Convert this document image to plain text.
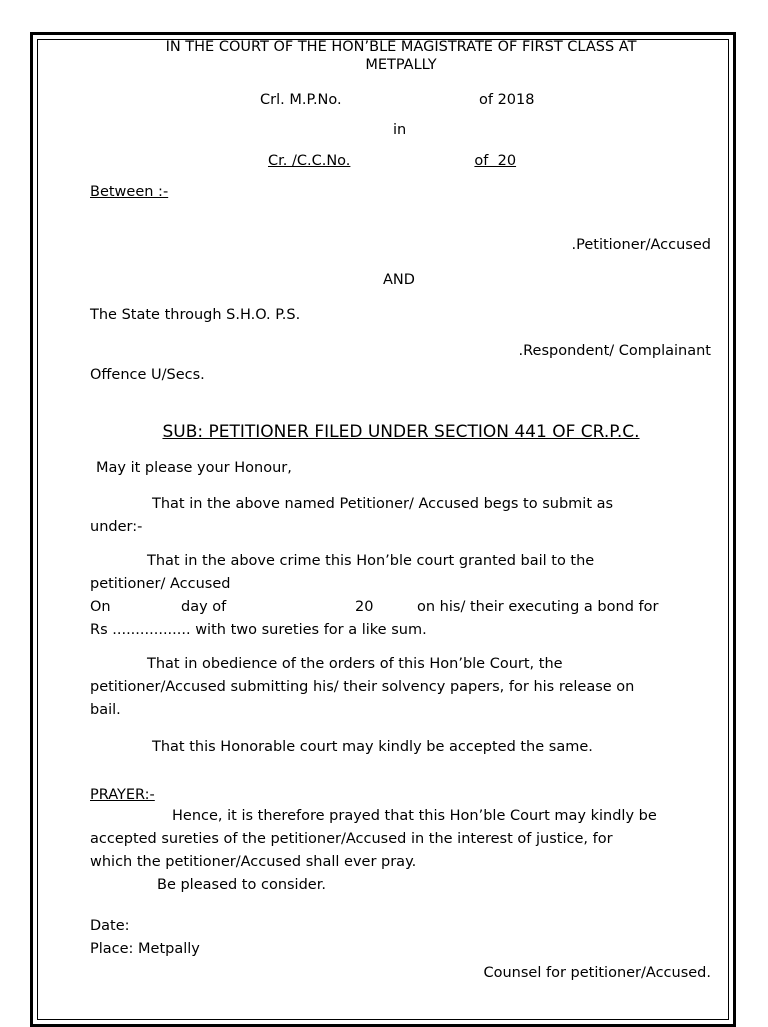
IN THE COURT OF THE HON’BLE MAGISTRATE OF FIRST CLASS AT
METPALLY
Crl. M.P.No.	of 2018
in
Cr. /C.C.No.	of  20
Between :-
.Petitioner/Accused
AND
The State through S.H.O. P.S.
.Respondent/ Complainant
Offence U/Secs.
SUB: PETITIONER FILED UNDER SECTION 441 OF CR.P.C.
May it please your Honour,
That in the above named Petitioner/ Accused begs to submit as
under:-
That in the above crime this Hon’ble court granted bail to the
petitioner/ Accused
On	day of	20	on his/ their executing a bond for
Rs ................. with two sureties for a like sum.
That in obedience of the orders of this Hon’ble Court, the
petitioner/Accused submitting his/ their solvency papers, for his release on
bail.
That this Honorable court may kindly be accepted the same.
PRAYER:-
Hence, it is therefore prayed that this Hon’ble Court may kindly be
accepted sureties of the petitioner/Accused in the interest of justice, for
which the petitioner/Accused shall ever pray.
Be pleased to consider.
Date:
Place: Metpally
Counsel for petitioner/Accused.
